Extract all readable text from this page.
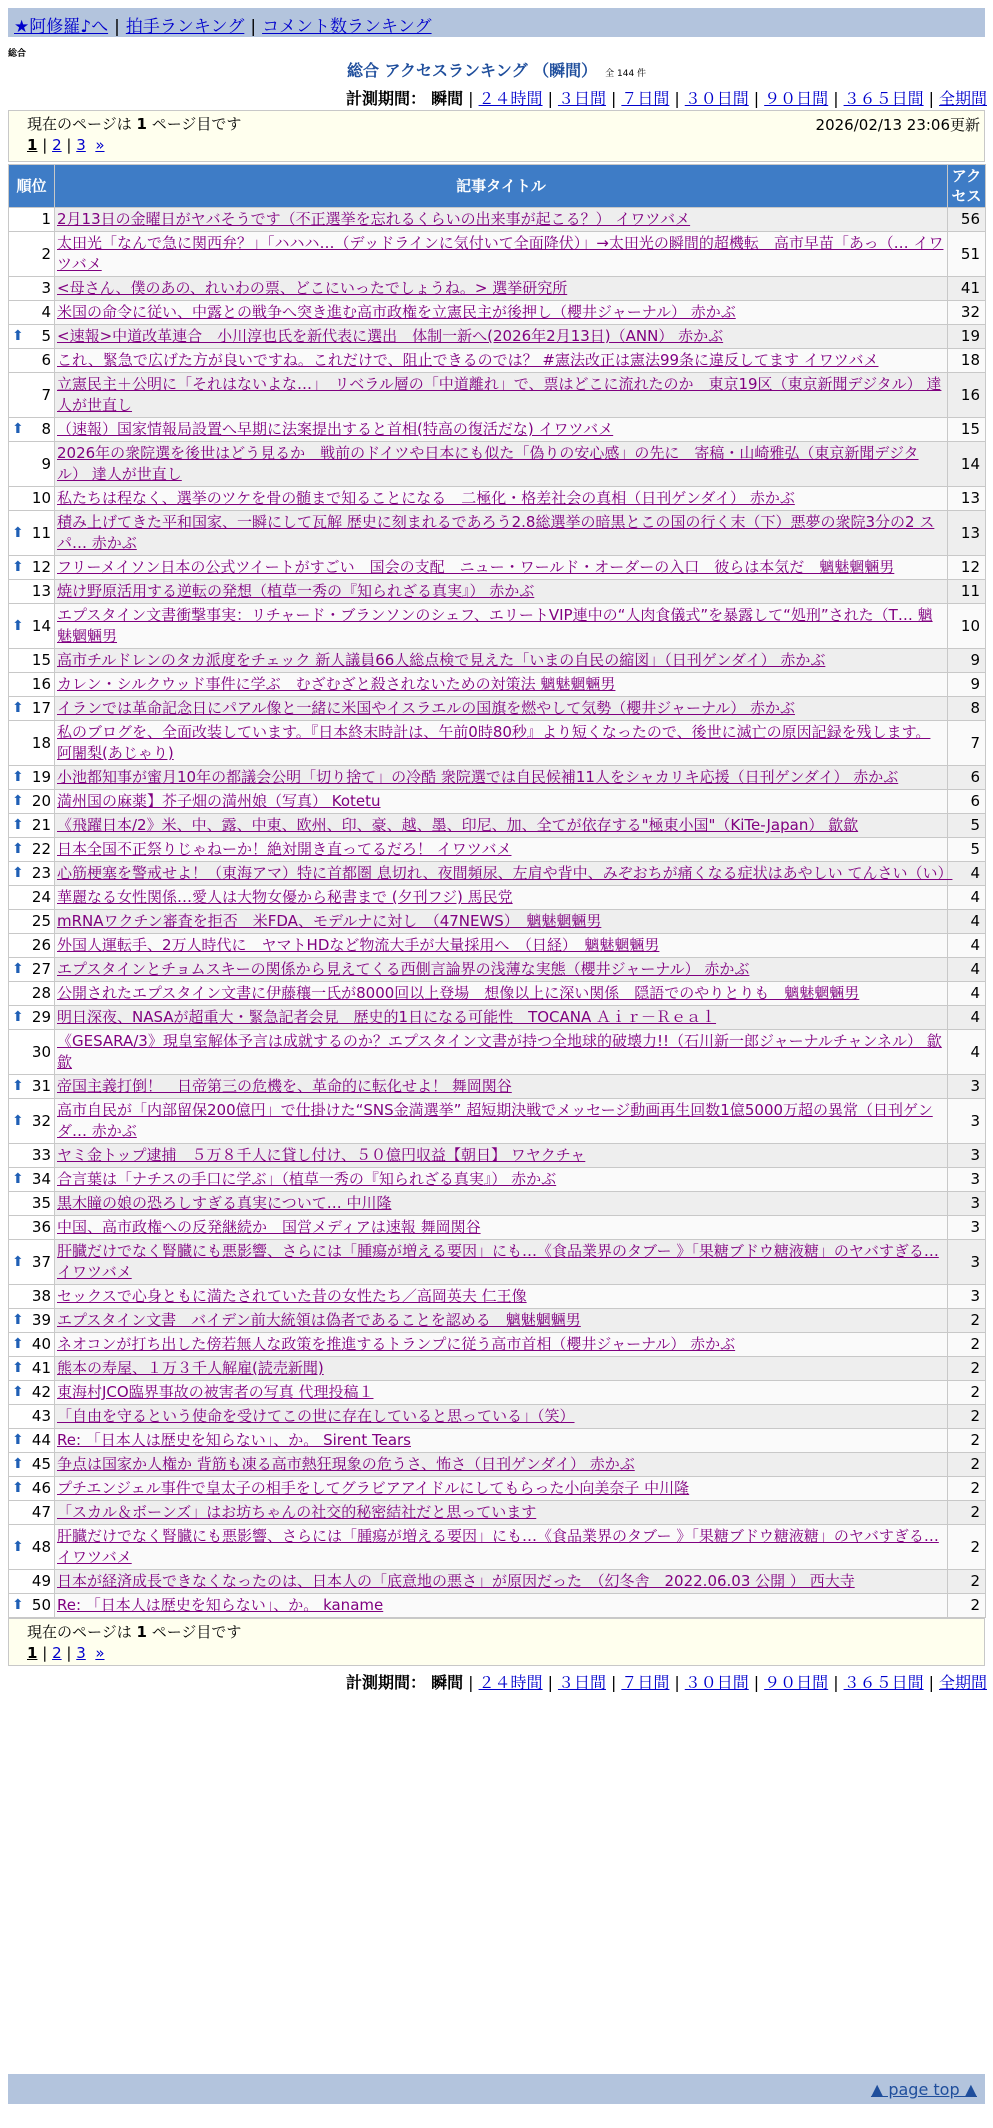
★阿修羅♪へ | 拍手ランキング | コメント数ランキング
総合
総合 アクセスランキング （瞬間） 全 144 件
計測期間： 瞬間 | ２４時間 | ３日間 | ７日間 | ３０日間 | ９０日間 | ３６５日間 | 全期間
現在のページは 1 ページ目です	2026/02/13 23:06更新
1 | 2 | 3 »
順位	記事タイトル	アクセス
1	2月13日の金曜日がヤバそうです（不正選挙を忘れるくらいの出来事が起こる？） イワツバメ	56
2	太田光「なんで急に関西弁？」「ハハハ…（デッドラインに気付いて全面降伏）」→太田光の瞬間的超機転　高市早苗「あっ（… イワツバメ	51
3	<母さん、僕のあの、れいわの票、どこにいったでしょうね。> 選挙研究所	41
4	米国の命令に従い、中露との戦争へ突き進む高市政権を立憲民主が後押し（櫻井ジャーナル） 赤かぶ	32

⬆ 5	<速報>中道改革連合　小川淳也氏を新代表に選出　体制一新へ(2026年2月13日)（ANN） 赤かぶ	19
6	これ、緊急で広げた方が良いですね。これだけで、阻止できるのでは？ #憲法改正は憲法99条に違反してます イワツバメ	18
7	立憲民主＋公明に「それはないよな…」　リベラル層の「中道離れ」で、票はどこに流れたのか　東京19区（東京新聞デジタル） 達人が世直し	16

⬆ 8	（速報）国家情報局設置へ早期に法案提出すると首相(特高の復活だな) イワツバメ	15
9	2026年の衆院選を後世はどう見るか　戦前のドイツや日本にも似た「偽りの安心感」の先に　寄稿・山崎雅弘（東京新聞デジタル） 達人が世直し	14
10	私たちは程なく、選挙のツケを骨の髄まで知ることになる　二極化・格差社会の真相（日刊ゲンダイ） 赤かぶ	13

⬆ 11	積み上げてきた平和国家、一瞬にして瓦解 歴史に刻まれるであろう2.8総選挙の暗黒とこの国の行く末（下）悪夢の衆院3分の2 スパ… 赤かぶ	13

⬆ 12	フリーメイソン日本の公式ツイートがすごい　国会の支配　ニュー・ワールド・オーダーの入口　彼らは本気だ　魑魅魍魎男	12
13	焼け野原活用する逆転の発想（植草一秀の『知られざる真実』） 赤かぶ	11

⬆ 14	エプスタイン文書衝撃事実：リチャード・ブランソンのシェフ、エリートVIP連中の“人肉食儀式”を暴露して“処刑”された（T… 魑魅魍魎男	10
15	高市チルドレンのタカ派度をチェック 新人議員66人総点検で見えた「いまの自民の縮図」（日刊ゲンダイ） 赤かぶ	9
16	カレン・シルクウッド事件に学ぶ　むざむざと殺されないための対策法 魑魅魍魎男	9

⬆ 17	イランでは革命記念日にパアル像と一緒に米国やイスラエルの国旗を燃やして気勢（櫻井ジャーナル） 赤かぶ	8
18	私のブログを、全面改装しています。『日本終末時計は、午前0時80秒』より短くなったので、後世に滅亡の原因記録を残します。 阿闍梨(あじゃり)	7

⬆ 19	小池都知事が蜜月10年の都議会公明「切り捨て」の冷酷 衆院選では自民候補11人をシャカリキ応援（日刊ゲンダイ） 赤かぶ	6

⬆ 20	満州国の麻薬】芥子畑の満州娘（写真） Kotetu	6

⬆ 21	《飛躍日本/2》米、中、露、中東、欧州、印、豪、越、墨、印尼、加、全てが依存する"極東小国"（KiTe-Japan） 歙歙	5

⬆ 22	日本全国不正祭りじゃねーか！絶対開き直ってるだろ！ イワツバメ	5

⬆ 23	心筋梗塞を警戒せよ！（東海アマ）特に首都圏 息切れ、夜間頻尿、左肩や背中、みぞおちが痛くなる症状はあやしい てんさい（い）	4
24	華麗なる女性関係…愛人は大物女優から秘書まで (夕刊フジ) 馬民党	4
25	mRNAワクチン審査を拒否　米FDA、モデルナに対し　（47NEWS）　魑魅魍魎男	4
26	外国人運転手、2万人時代に　ヤマトHDなど物流大手が大量採用へ　（日経）　魑魅魍魎男	4

⬆ 27	エプスタインとチョムスキーの関係から見えてくる西側言論界の浅薄な実態（櫻井ジャーナル） 赤かぶ	4
28	公開されたエプスタイン文書に伊藤穰一氏が8000回以上登場　想像以上に深い関係　隠語でのやりとりも　魑魅魍魎男	4

⬆ 29	明日深夜、NASAが超重大・緊急記者会見　歴史的1日になる可能性　TOCANA Ａｉｒ－Ｒｅａｌ	4
30	《GESARA/3》現皇室解体予言は成就するのか？エプスタイン文書が持つ全地球的破壊力!!（石川新一郎ジャーナルチャンネル） 歙歙	4

⬆ 31	帝国主義打倒！　日帝第三の危機を、革命的に転化せよ！ 舞岡関谷	3

⬆ 32	高市自民が「内部留保200億円」で仕掛けた“SNS金満選挙” 超短期決戦でメッセージ動画再生回数1億5000万超の異常（日刊ゲンダ… 赤かぶ	3
33	ヤミ金トップ逮捕　５万８千人に貸し付け、５０億円収益【朝日】 ワヤクチャ	3

⬆ 34	合言葉は「ナチスの手口に学ぶ」（植草一秀の『知られざる真実』） 赤かぶ	3
35	黒木瞳の娘の恐ろしすぎる真実について… 中川隆	3
36	中国、高市政権への反発継続か　国営メディアは速報 舞岡関谷	3

⬆ 37	肝臓だけでなく腎臓にも悪影響、さらには「腫瘍が増える要因」にも…《食品業界のタブー 》「果糖ブドウ糖液糖」のヤバすぎる… イワツバメ	3
38	セックスで心身ともに満たされていた昔の女性たち／高岡英夫 仁王像	3

⬆ 39	エプスタイン文書　バイデン前大統領は偽者であることを認める　魑魅魍魎男	2

⬆ 40	ネオコンが打ち出した傍若無人な政策を推進するトランプに従う高市首相（櫻井ジャーナル） 赤かぶ	2

⬆ 41	熊本の寿屋、１万３千人解雇(読売新聞)	2

⬆ 42	東海村JCO臨界事故の被害者の写真 代理投稿１	2
43	「自由を守るという使命を受けてこの世に存在していると思っている」（笑）	2

⬆ 44	Re: 「日本人は歴史を知らない」、か。 Sirent Tears	2

⬆ 45	争点は国家か人権か 背筋も凍る高市熱狂現象の危うさ、怖さ（日刊ゲンダイ） 赤かぶ	2

⬆ 46	プチエンジェル事件で皇太子の相手をしてグラビアアイドルにしてもらった小向美奈子 中川隆	2
47	「スカル＆ボーンズ」はお坊ちゃんの社交的秘密結社だと思っています	2

⬆ 48	肝臓だけでなく腎臓にも悪影響、さらには「腫瘍が増える要因」にも…《食品業界のタブー 》「果糖ブドウ糖液糖」のヤバすぎる… イワツバメ	2
49	日本が経済成長できなくなったのは、日本人の「底意地の悪さ」が原因だった　（幻冬舎　2022.06.03 公開 ） 西大寺	2

⬆ 50	Re: 「日本人は歴史を知らない」、か。 kaname	2
現在のページは 1 ページ目です
1 | 2 | 3 »
計測期間： 瞬間 | ２４時間 | ３日間 | ７日間 | ３０日間 | ９０日間 | ３６５日間 | 全期間
▲ page top ▲
